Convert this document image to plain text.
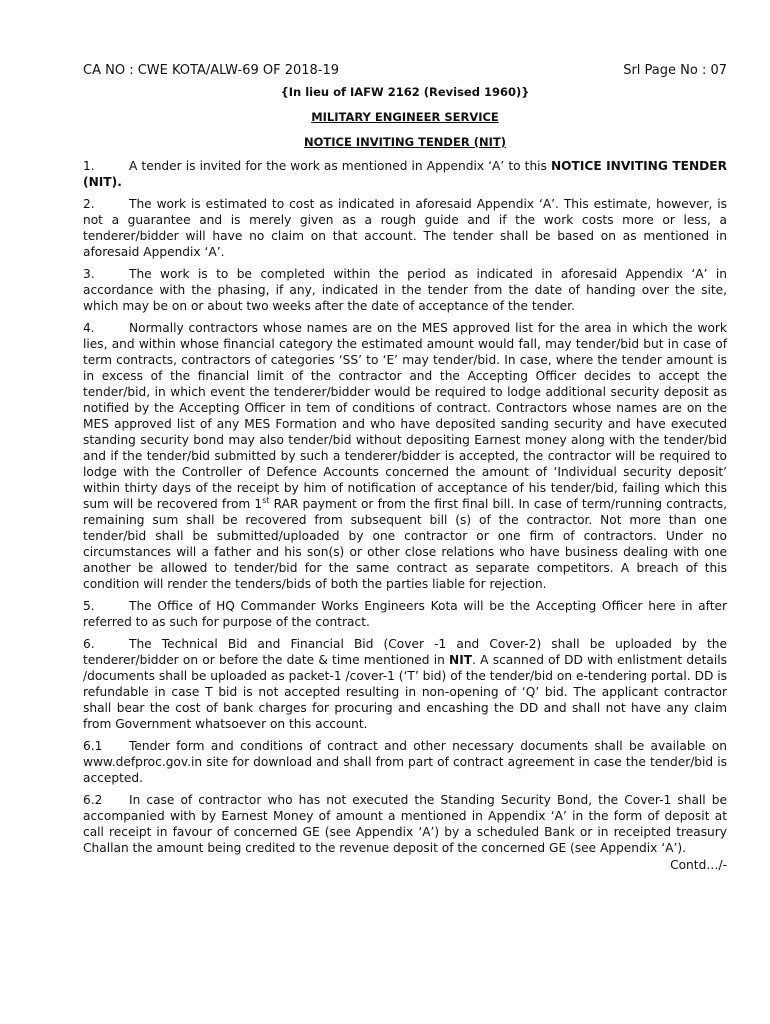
CA NO : CWE KOTA/ALW-69 OF 2018-19	Srl Page No : 07
{In lieu of IAFW 2162 (Revised 1960)}
MILITARY ENGINEER SERVICE
NOTICE INVITING TENDER (NIT)
1.	A tender is invited for the work as mentioned in Appendix ‘A’ to this NOTICE INVITING TENDER (NIT).
2.	The work is estimated to cost as indicated in aforesaid Appendix ‘A’. This estimate, however, is not a guarantee and is merely given as a rough guide and if the work costs more or less, a tenderer/bidder will have no claim on that account. The tender shall be based on as mentioned in aforesaid Appendix ‘A’.
3.	The work is to be completed within the period as indicated in aforesaid Appendix ‘A’ in accordance with the phasing, if any, indicated in the tender from the date of handing over the site, which may be on or about two weeks after the date of acceptance of the tender.
4.	Normally contractors whose names are on the MES approved list for the area in which the work lies, and within whose financial category the estimated amount would fall, may tender/bid but in case of term contracts, contractors of categories ‘SS’ to ‘E’ may tender/bid. In case, where the tender amount is in excess of the financial limit of the contractor and the Accepting Officer decides to accept the tender/bid, in which event the tenderer/bidder would be required to lodge additional security deposit as notified by the Accepting Officer in tem of conditions of contract. Contractors whose names are on the MES approved list of any MES Formation and who have deposited sanding security and have executed standing security bond may also tender/bid without depositing Earnest money along with the tender/bid and if the tender/bid submitted by such a tenderer/bidder is accepted, the contractor will be required to lodge with the Controller of Defence Accounts concerned the amount of ‘Individual security deposit’ within thirty days of the receipt by him of notification of acceptance of his tender/bid, failing which this sum will be recovered from 1st RAR payment or from the first final bill. In case of term/running contracts, remaining sum shall be recovered from subsequent bill (s) of the contractor. Not more than one tender/bid shall be submitted/uploaded by one contractor or one firm of contractors. Under no circumstances will a father and his son(s) or other close relations who have business dealing with one another be allowed to tender/bid for the same contract as separate competitors. A breach of this condition will render the tenders/bids of both the parties liable for rejection.
5.	The Office of HQ Commander Works Engineers Kota will be the Accepting Officer here in after referred to as such for purpose of the contract.
6.	The Technical Bid and Financial Bid (Cover -1 and Cover-2) shall be uploaded by the tenderer/bidder on or before the date & time mentioned in NIT. A scanned of DD with enlistment details /documents shall be uploaded as packet-1 /cover-1 (‘T’ bid) of the tender/bid on e-tendering portal. DD is refundable in case T bid is not accepted resulting in non-opening of ‘Q’ bid. The applicant contractor shall bear the cost of bank charges for procuring and encashing the DD and shall not have any claim from Government whatsoever on this account.
6.1 Tender form and conditions of contract and other necessary documents shall be available on www.defproc.gov.in site for download and shall from part of contract agreement in case the tender/bid is accepted.
6.2 In case of contractor who has not executed the Standing Security Bond, the Cover-1 shall be accompanied with by Earnest Money of amount a mentioned in Appendix ‘A’ in the form of deposit at call receipt in favour of concerned GE (see Appendix ‘A’) by a scheduled Bank or in receipted treasury Challan the amount being credited to the revenue deposit of the concerned GE (see Appendix ‘A’).
Contd…/-
